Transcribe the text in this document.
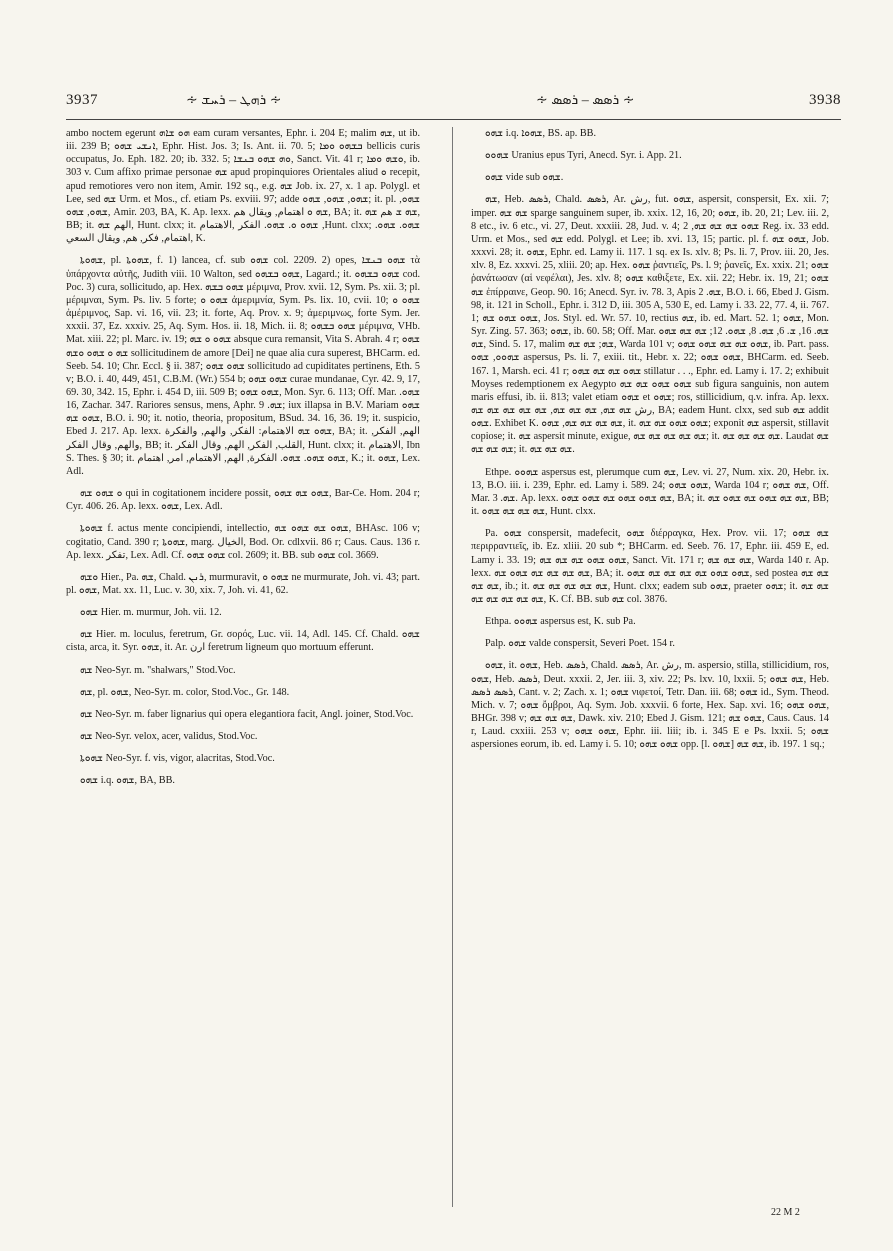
3937	∻ ܪܗܛ – ܪܚܫ ∻	∻ ܪܣܣ – ܪܣܣ ∻	3938

ambo noctem egerunt ܗܘ ܫܐܗ eam curam versantes, Ephr. i. 204 E; malim ܫܗ, ut ib. iii. 239 B; ܐܢܫܝ ܫܗܘ, Ephr. Hist. Jos. 3; Is. Ant. ii. 70. 5; ܒܫܗܘ ܘܡܐ bellicis curis occupatus, Jo. Eph. 182. 20; ib. 332. 5; ܘܗ ܫܗܘ ܒܢܫܐ, Sanct. Vit. 41 r; ܘܫܗ ܘܡܐ, ib. 303 v. Cum affixo primae personae ܫܗ apud propinquiores Orientales aliud ܘ recepit, apud remotiores vero non item, Amir. 192 sq., e.g. ܫܗ Job. ix. 27, x. 1 ap. Polygl. et Lee, sed ܫܗ Urm. et Mos., cf. etiam Ps. exviii. 97; adde ܫܗܘ, ܫܗܘ, ܫܗܘ; it. pl. ܫܗܘ, ܫܗܘ, ܫܗܘ, Amir. 203, BA, K. Ap. lexx. ܫܗ ܘ اهتمام, ويقال هم, BA; it. ܫܗ ܫ هم ܫܗ, BB; it. الهم ܫܗ, Hunt. clxx; it. ܫܗܘ ܘ. ܫܗܘ. الفكر ,الاهتمام ,Hunt. clxx; ܫܗܘ. ܫܗܘ. اهتمام, فكر, هم, ويقال السعي, K.

ܫܗܘܬܐ, pl. ܫܗܘܬܐ, f. 1) lancea, cf. sub ܫܗܘ col. 2209. 2) opes, ܫܗܘ ܒܢܫܐ τὰ ὑπάρχοντα αὐτῆς, Judith viii. 10 Walton, sed ܫܗܘ ܒܫܗܘ, Lagard.; it. ܫܗܘ ܒܫܗܘ cod. Poc. 3) cura, sollicitudo, ap. Hex. ܫܗܘ ܒܫܗ μέριμνα, Prov. xvii. 12, Sym. Ps. xii. 3; pl. μέριμναι, Sym. Ps. liv. 5 forte; ܫܗܘ ܘ ἀμεριμνία, Sym. Ps. lix. 10, cvii. 10; ܫܗܘ ܘ ἀμέριμνος, Sap. vi. 16, vii. 23; it. forte, Aq. Prov. x. 9; ἀμεριμνως, forte Sym. Jer. xxxii. 37, Ez. xxxiv. 25, Aq. Sym. Hos. ii. 18, Mich. ii. 8; ܫܗܘ ܒܫܗܘ μέριμνα, VHb. Mat. xiii. 22; pl. Marc. iv. 19; ܫܗܘ ܘ ܫܗ absque cura remansit, Vita S. Abrah. 4 r; ܫܗܘ ܫܗ ܘ ܫܗܘ ܘܫܗ sollicitudinem de amore [Dei] ne quae alia cura superest, BHCarm. ed. Seeb. 54. 10; Chr. Eccl. § ii. 387; ܫܗܘ ܫܗܘ sollicitudo ad cupiditates pertinens, Eth. 5 v; B.O. i. 40, 449, 451, C.B.M. (Wr.) 554 b; ܫܗܘ ܫܗܘ curae mundanae, Cyr. 42. 9, 17, 69. 30, 342. 15, Ephr. i. 454 D, iii. 509 B; ܫܗܘ ܫܗܘ, Mon. Syr. 6. 113; Off. Mar. ܫܗܘ. 16, Zachar. 347. Rariores sensus, mens, Aphr. ܫܗ. 9; iux illapsa in B.V. Mariam ܫܗܘ ܫܗܘ ܫܗ, B.O. i. 90; it. notio, theoria, propositum, BSud. 34. 16, 36. 19; it. suspicio, Ebed J. 217. Ap. lexx. ܫܗܘ ܫܗ الاهتمام: الفكر, والهم, والفكرة, BA; it. الهم, الفكر, والهم, وقال الفكر, BB; it. القلب, الفكر, الهم, وقال الفكر, Hunt. clxx; it. الاهتمام, Ibn S. Thes. § 30; it. ܫܗܘ ܫܗܘ. ܫܗܘ. الفكرة, الهم, الاهتمام, امر, اهتمام, K.; it. ܫܗܘ, Lex. Adl.

ܘ ܫܗܘ ܫܗ qui in cogitationem incidere possit, ܫܗܘ ܫܗ ܫܗܘ, Bar-Ce. Hom. 204 r; Cyr. 406. 26. Ap. lexx. ܫܗܘ, Lex. Adl.

ܫܗܘܬܐ f. actus mente concipiendi, intellectio, ܫܗܘ ܫܗ ܫܗܘ ܫܗ, BHAsc. 106 v; cogitatio, Cand. 390 r; ܫܗܘܬܐ, marg. الخيال, Bod. Or. cdlxvii. 86 r; Caus. Caus. 136 r. Ap. lexx. تفكر, Lex. Adl. Cf. ܫܗܘ ܫܗܘ col. 2609; it. BB. sub ܫܗܘ col. 3669.

ܘܫܗ Hier., Pa. ܫܗ, Chald. ܪܢܢ, murmuravit, ܫܗܘ ܘ ne murmurate, Joh. vi. 43; part. pl. ܫܗܘ, Mat. xx. 11, Luc. v. 30, xix. 7, Joh. vi. 41, 62.

ܫܗܘ Hier. m. murmur, Joh. vii. 12.

ܫܗ Hier. m. loculus, feretrum, Gr. σορός, Luc. vii. 14, Adl. 145. Cf. Chald. ܫܗܘ cista, arca, it. Syr. ܫܗܘ, it. Ar. ارن feretrum ligneum quo mortuum efferunt.

ܫܗ Neo-Syr. m. "shalwars," Stod.Voc.

ܫܗ, pl. ܫܗܘ, Neo-Syr. m. color, Stod.Voc., Gr. 148.

ܫܗ Neo-Syr. m. faber lignarius qui opera elegantiora facit, Angl. joiner, Stod.Voc.

ܫܗ Neo-Syr. velox, acer, validus, Stod.Voc.

ܫܗܘܬܐ Neo-Syr. f. vis, vigor, alacritas, Stod.Voc.

ܫܗܘ i.q. ܫܗܘ, BA, BB.

ܫܗܘ i.q. ܫܗܘܐ, BS. ap. BB.

ܫܗܘܘ Uranius epus Tyri, Anecd. Syr. i. App. 21.

ܫܗܘ vide sub ܫܗܘ.

ܫܗ, Heb. ܪܣܣ, Chald. ܪܣܣ, Ar. رش, fut. ܫܗܘ, aspersit, conspersit, Ex. xii. 7; imper. ܫܗ ܫܗ sparge sanguinem super, ib. xxix. 12, 16, 20; ܫܗܘ, ib. 20, 21; Lev. iii. 2, 8 etc., iv. 6 etc., vi. 27, Deut. xxxiii. 28, Jud. v. 4; ܫܗܘ ܫܗ ܫܗ ܫܗ, 2 Reg. ix. 33 edd. Urm. et Mos., sed ܫܗ edd. Polygl. et Lee; ib. xvi. 13, 15; partic. pl. f. ܫܗܘ ܫܗ, Job. xxxvi. 28; it. ܫܗܘ, Ephr. ed. Lamy ii. 117. 1 sq. ex Is. xlv. 8; Ps. li. 7, Prov. iii. 20, Jes. xlv. 8, Ez. xxxvi. 25, xliii. 20; ap. Hex. ܫܗܘ ῥαντιεῖς, Ps. l. 9; ῥανεῖς, Ex. xxix. 21; ܫܗܘ ῥανάτωσαν (αἱ νεφέλαι), Jes. xlv. 8; ܫܗܘ καθιξετε, Ex. xii. 22; Hebr. ix. 19, 21; ܫܗܘ ܫܗ ἐπίρραινε, Geop. 90. 16; Anecd. Syr. iv. 78. 3, Apis ܫܗ. 2, B.O. i. 66, Ebed J. Gism. 98, it. 121 in Scholl., Ephr. i. 312 D, iii. 305 A, 530 E, ed. Lamy i. 33. 22, 77. 4, ii. 767. 1; ܫܗܘ ܫܗܘ ܫܗ, Jos. Styl. ed. Wr. 57. 10, rectius ܫܗ, ib. ed. Mart. 52. 1; ܫܗܘ, Mon. Syr. Zing. 57. 363; ܫܗܘ, ib. 60. 58; Off. Mar. ܫܗ. 16, ܫ. 6, ܫܗ. 8, ܫܗܘ. 12; ܫܗ ܫܗ ܫܗܘ ܫܗ, Sind. 5. 17, malim ܫܗ; ܫܗ ܫܗ, Warda 101 v; ܫܗܘ ܫܗ ܫܗ ܫܗܘ ܫܗܘ, ib. Part. pass. ܫܗܘܘ, ܫܗܘ aspersus, Ps. li. 7, exiii. tit., Hebr. x. 22; ܫܗܘ ܫܗܘ, BHCarm. ed. Seeb. 167. 1, Marsh. eci. 41 r; ܫܗܘ ܫܗ ܫܗ ܫܗܘ stillatur . . ., Ephr. ed. Lamy i. 17. 2; exhibuit Moyses redemptionem ex Aegypto ܫܗܘ ܫܗܘ ܫܗ ܫܗ sub figura sanguinis, non autem maris effusi, ib. ii. 813; valet etiam ܫܗܘ et ܫܗܘ; ros, stillicidium, q.v. infra. Ap. lexx. رش ܫܗ ܫܗ, ܫܗ ܫܗ ܫܗ, ܫܗ ܫܗ ܫܗ ܫܗ ܫܗ, BA; eadem Hunt. clxx, sed sub ܫܗ addit ܫܗܘ. Exhibet K. ܫܗ ܫܗ ܫܗ ܫܗ, ܫܗܘ, it. ܫܗܘ ܫܗܘ ܫܗ ܫܗ; exponit ܫܗ aspersit, stillavit copiose; it. ܫܗ aspersit minute, exigue, ܫܗ ܫܗ ܫܗ ܫܗ ܫܗ; it. ܫܗ ܫܗ ܫܗ ܫܗ. Laudat ܫܗ ܫܗ ܫܗ ܫܗ; it. ܫܗ ܫܗ ܫܗ.

Ethpe. ܫܗܘܘ aspersus est, plerumque cum ܫܗ, Lev. vi. 27, Num. xix. 20, Hebr. ix. 13, B.O. iii. i. 239, Ephr. ed. Lamy i. 589. 24; ܫܗܘ ܫܗܘ, Warda 104 r; ܫܗ ܫܗܘ, Off. Mar. ܫܗ. 3. Ap. lexx. ܫܗ ܫܗܘ ܫܗܘ ܫܗ ܫܗܘ ܫܗܘ, BA; it. ܫܗ ܫܗ ܫܗܘ ܫܗ ܫܗܘ ܫܗ, BB; it. ܫܗ ܫܗ ܫܗ ܫܗܘ, Hunt. clxx.

Pa. ܫܗܘ conspersit, madefecit, ܫܗܘ διέρραγκα, Hex. Prov. vii. 17; ܫܗ ܫܗܘ περιρραντιεῖς, ib. Ez. xliii. 20 sub *; BHCarm. ed. Seeb. 76. 17, Ephr. iii. 459 E, ed. Lamy i. 33. 19; ܫܗܘ ܫܗܘ ܫܗ ܫܗ ܫܗ, Sanct. Vit. 171 r; ܫܗ ܫܗ ܫܗ, Warda 140 r. Ap. lexx. ܫܗ ܫܗ ܫܗ ܫܗ ܫܗܘ ܫܗ, BA; it. ܫܗܘ ܫܗܘ ܫܗ ܫܗ ܫܗ ܫܗ ܫܗܘ, sed postea ܫܗ ܫܗ ܫܗ ܫܗ, ib.; it. ܫܗ ܫܗ ܫܗ ܫܗ ܫܗ, Hunt. clxx; eadem sub ܫܗܘ, praeter ܫܗܘ; it. ܫܗ ܫܗ ܫܗ ܫܗ ܫܗ ܫܗ ܫܗ, K. Cf. BB. sub ܫܗ col. 3876.

Ethpa. ܫܗܘܘ aspersus est, K. sub Pa.

Palp. ܫܗܘ valde conspersit, Severi Poet. 154 r.

ܫܗܘ, it. ܫܗܘ, Heb. ܪܣܣ, Chald. ܪܣܣ, Ar. رش, m. aspersio, stilla, stillicidium, ros, ܫܗܘ, Heb. ܪܣܣ, Deut. xxxii. 2, Jer. iii. 3, xiv. 22; Ps. lxv. 10, lxxii. 5; ܫܗ ܫܗܘ, Heb. ܪܣܣ ܪܣܣ, Cant. v. 2; Zach. x. 1; ܫܗܘ νιφετοί, Tetr. Dan. iii. 68; ܫܗܘ id., Sym. Theod. Mich. v. 7; ܫܗܘ ὄμβροι, Aq. Sym. Job. xxxvii. 6 forte, Hex. Sap. xvi. 16; ܫܗܘ ܫܗܘ, BHGr. 398 v; ܫܗ ܫܗ ܫܗ, Dawk. xiv. 210; Ebed J. Gism. 121; ܫܗܘ ܫܗ, Caus. Caus. 14 r, Laud. cxxiii. 253 v; ܫܗܘ ܫܗܘ, Ephr. iii. liii; ib. i. 345 E e Ps. lxxii. 5; ܫܗܘ aspersiones eorum, ib. ed. Lamy i. 5. 10; ܫܗܘ ܫܗܘ opp. [l. ܫܗܘ] ܫܗ ܫܗ, ib. 197. 1 sq.;

22 M 2
